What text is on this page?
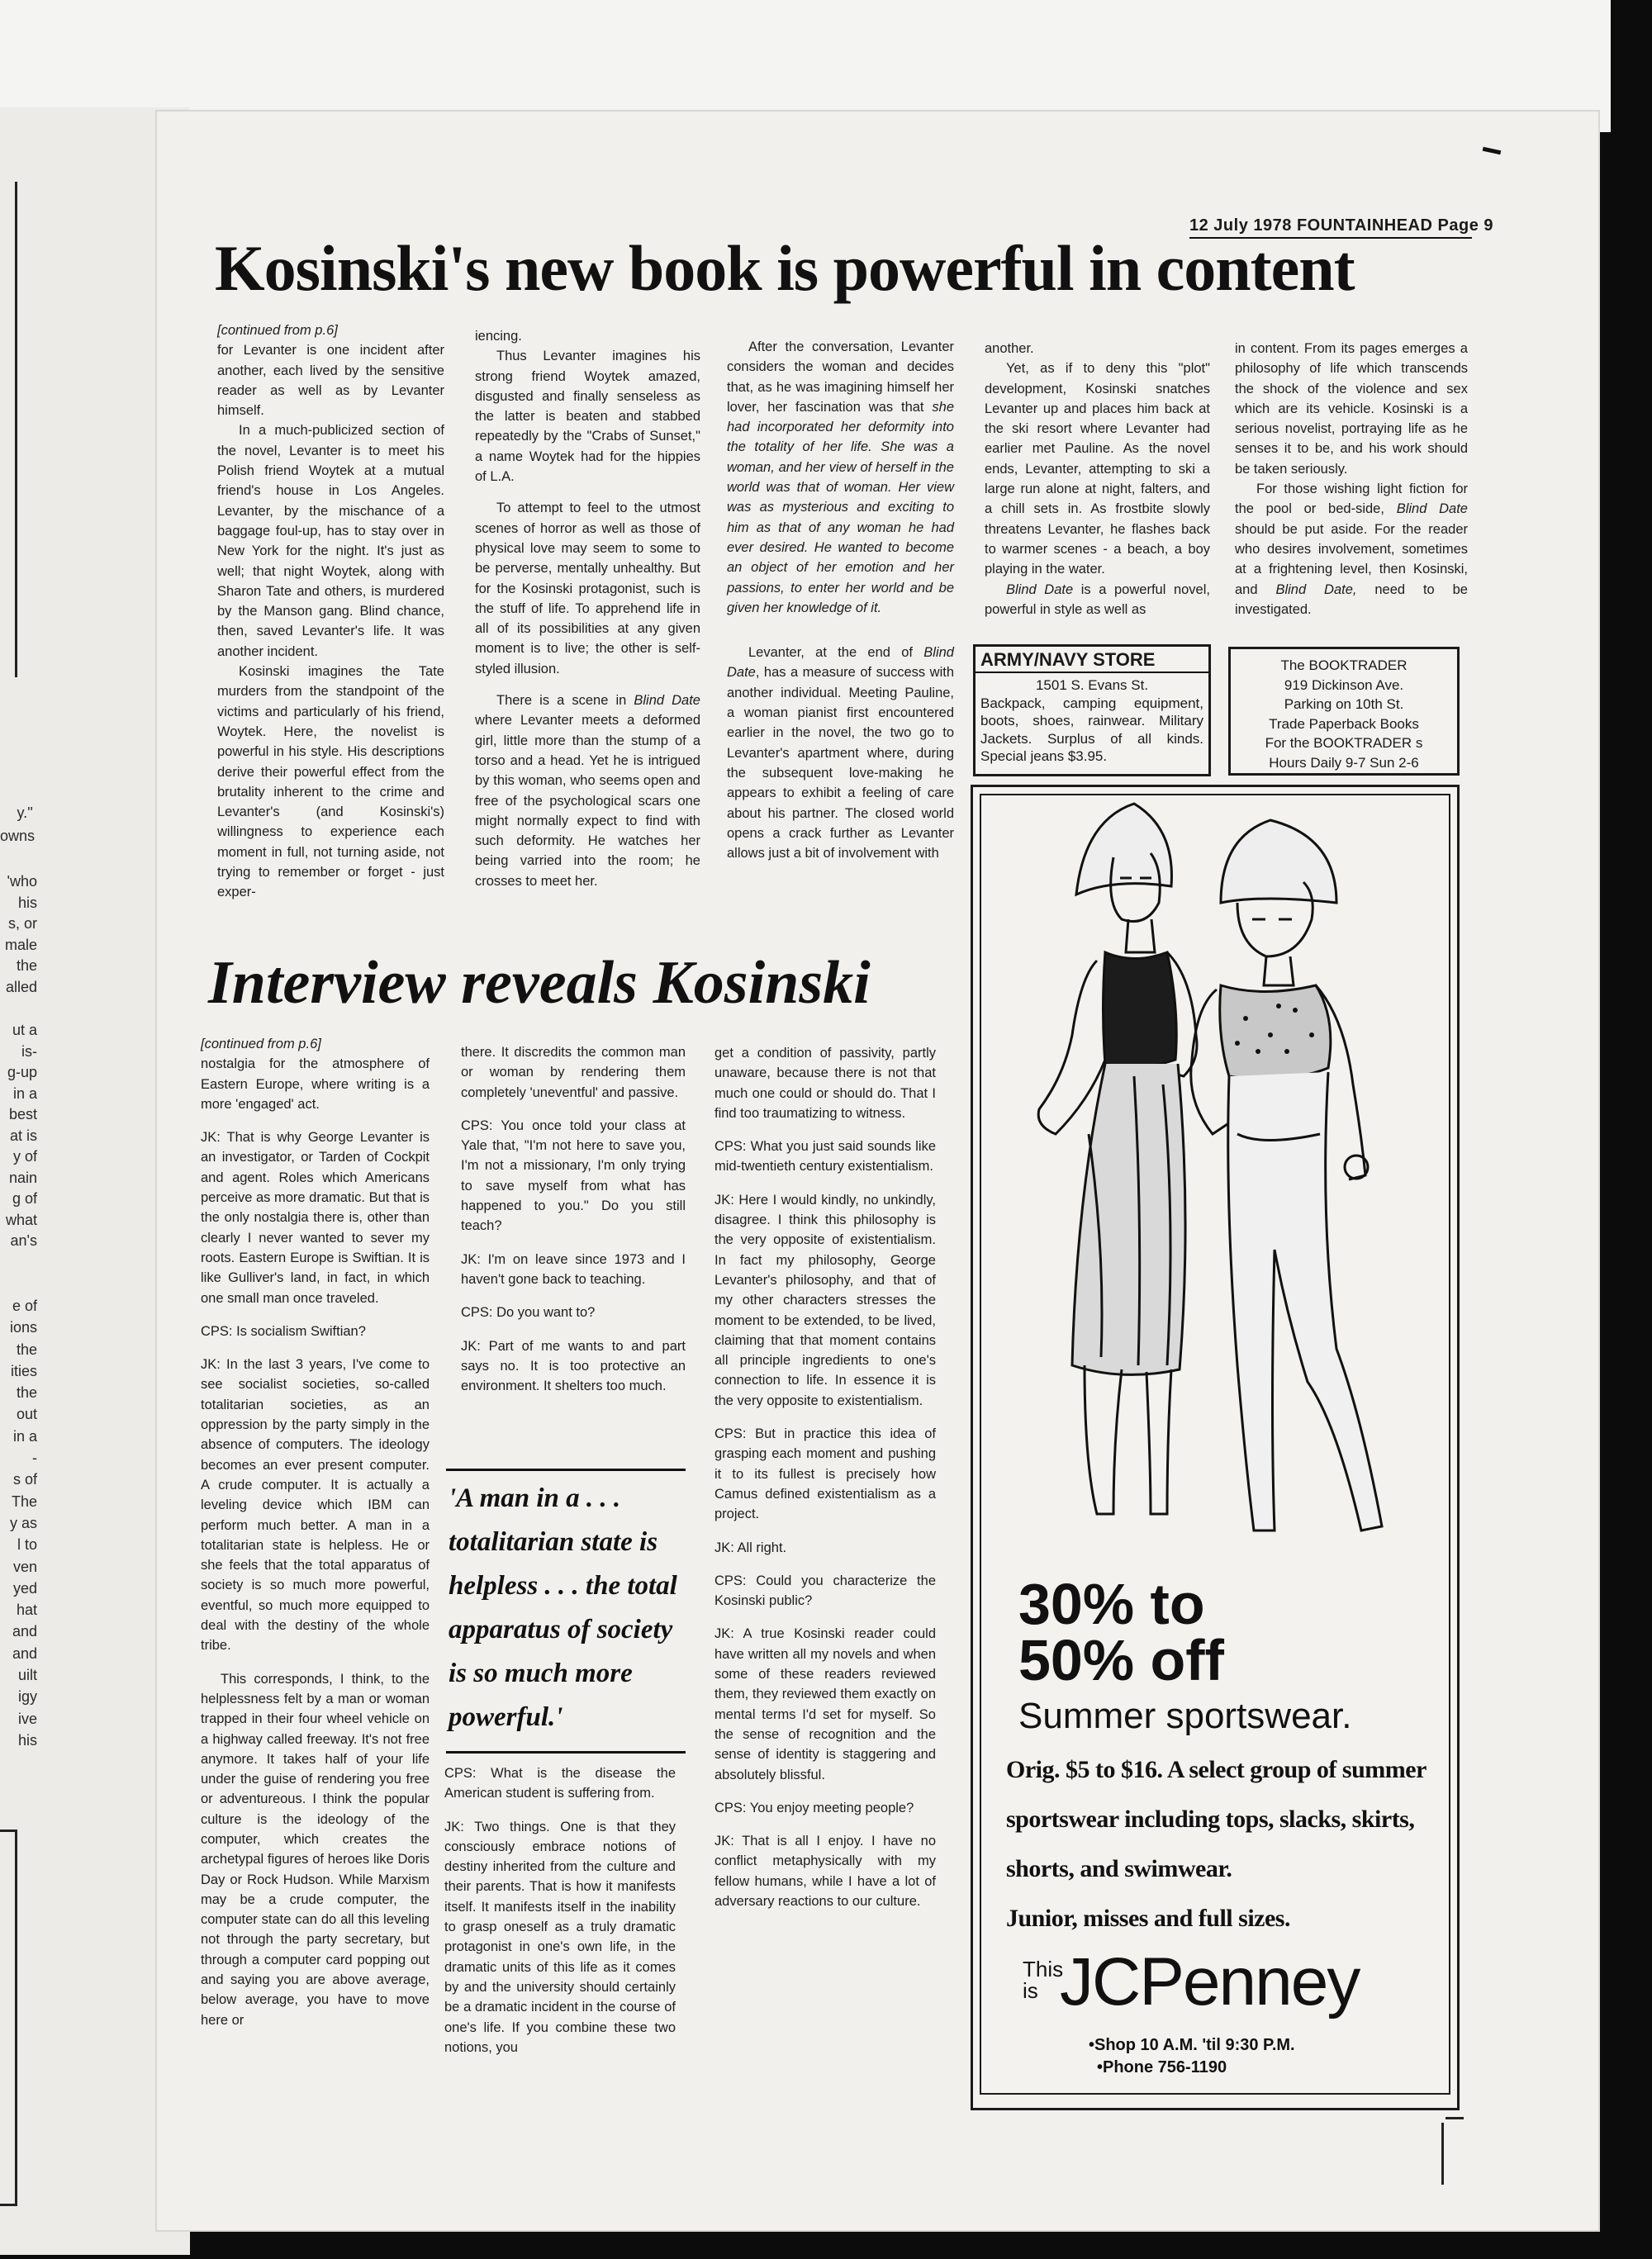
y.''
owns
'who
his
s, or
male
the
alled
ut a
is-
g-up
in a
best
at is
y of
nain
g of
what
an's
e of
ions
the
ities
the
out
in a
-
s of
The
y as
l to
ven
yed
hat
and
and
uilt
igy
ive
his
12 July 1978 FOUNTAINHEAD Page 9
Kosinski's new book is powerful in content

[continued from p.6]

for Levanter is one incident after another, each lived by the sensitive reader as well as by Levanter himself.

In a much-publicized section of the novel, Levanter is to meet his Polish friend Woytek at a mutual friend's house in Los Angeles. Levanter, by the mischance of a baggage foul-up, has to stay over in New York for the night. It's just as well; that night Woytek, along with Sharon Tate and others, is murdered by the Manson gang. Blind chance, then, saved Levanter's life. It was another incident.

Kosinski imagines the Tate murders from the standpoint of the victims and particularly of his friend, Woytek. Here, the novelist is powerful in his style. His descriptions derive their powerful effect from the brutality inherent to the crime and Levanter's (and Kosinski's) willingness to experience each moment in full, not turning aside, not trying to remember or forget - just exper-

iencing.

Thus Levanter imagines his strong friend Woytek amazed, disgusted and finally senseless as the latter is beaten and stabbed repeatedly by the "Crabs of Sunset," a name Woytek had for the hippies of L.A.

To attempt to feel to the utmost scenes of horror as well as those of physical love may seem to some to be perverse, mentally unhealthy. But for the Kosinski protagonist, such is the stuff of life. To apprehend life in all of its possibilities at any given moment is to live; the other is self-styled illusion.

There is a scene in Blind Date where Levanter meets a deformed girl, little more than the stump of a torso and a head. Yet he is intrigued by this woman, who seems open and free of the psychological scars one might normally expect to find with such deformity. He watches her being varried into the room; he crosses to meet her.

After the conversation, Levanter considers the woman and decides that, as he was imagining himself her lover, her fascination was that she had incorporated her deformity into the totality of her life. She was a woman, and her view of herself in the world was that of woman. Her view was as mysterious and exciting to him as that of any woman he had ever desired. He wanted to become an object of her emotion and her passions, to enter her world and be given her knowledge of it.

Levanter, at the end of Blind Date, has a measure of success with another individual. Meeting Pauline, a woman pianist first encountered earlier in the novel, the two go to Levanter's apartment where, during the subsequent love-making he appears to exhibit a feeling of care about his partner. The closed world opens a crack further as Levanter allows just a bit of involvement with

another.

Yet, as if to deny this "plot" development, Kosinski snatches Levanter up and places him back at the ski resort where Levanter had earlier met Pauline. As the novel ends, Levanter, attempting to ski a large run alone at night, falters, and a chill sets in. As frostbite slowly threatens Levanter, he flashes back to warmer scenes - a beach, a boy playing in the water.

Blind Date is a powerful novel, powerful in style as well as

in content. From its pages emerges a philosophy of life which transcends the shock of the violence and sex which are its vehicle. Kosinski is a serious novelist, portraying life as he senses it to be, and his work should be taken seriously.

For those wishing light fiction for the pool or bed-side, Blind Date should be put aside. For the reader who desires involvement, sometimes at a frightening level, then Kosinski, and Blind Date, need to be investigated.

ARMY/NAVY STORE
1501 S. Evans St.
Backpack, camping equipment, boots, shoes, rainwear. Military Jackets. Surplus of all kinds. Special jeans $3.95.
The BOOKTRADER
919 Dickinson Ave.
Parking on 10th St.
Trade Paperback Books
For the BOOKTRADER s
Hours Daily 9-7 Sun 2-6
30% to
50% off
Summer sportswear.
Orig. $5 to $16. A select group of summer sportswear including tops, slacks, skirts, shorts, and swimwear.
Junior, misses and full sizes.
This is JCPenney
•Shop 10 A.M. 'til 9:30 P.M.
•Phone 756-1190
Interview reveals Kosinski

[continued from p.6]

nostalgia for the atmosphere of Eastern Europe, where writing is a more 'engaged' act.

JK: That is why George Levanter is an investigator, or Tarden of Cockpit and agent. Roles which Americans perceive as more dramatic. But that is the only nostalgia there is, other than clearly I never wanted to sever my roots. Eastern Europe is Swiftian. It is like Gulliver's land, in fact, in which one small man once traveled.

CPS: Is socialism Swiftian?

JK: In the last 3 years, I've come to see socialist societies, so-called totalitarian societies, as an oppression by the party simply in the absence of computers. The ideology becomes an ever present computer. A crude computer. It is actually a leveling device which IBM can perform much better. A man in a totalitarian state is helpless. He or she feels that the total apparatus of society is so much more powerful, eventful, so much more equipped to deal with the destiny of the whole tribe.

This corresponds, I think, to the helplessness felt by a man or woman trapped in their four wheel vehicle on a highway called freeway. It's not free anymore. It takes half of your life under the guise of rendering you free or adventureous. I think the popular culture is the ideology of the computer, which creates the archetypal figures of heroes like Doris Day or Rock Hudson. While Marxism may be a crude computer, the computer state can do all this leveling not through the party secretary, but through a computer card popping out and saying you are above average, below average, you have to move here or

there. It discredits the common man or woman by rendering them completely 'uneventful' and passive.

CPS: You once told your class at Yale that, "I'm not here to save you, I'm not a missionary, I'm only trying to save myself from what has happened to you." Do you still teach?

JK: I'm on leave since 1973 and I haven't gone back to teaching.

CPS: Do you want to?

JK: Part of me wants to and part says no. It is too protective an environment. It shelters too much.

'A man in a . . . totalitarian state is helpless . . . the total apparatus of society is so much more powerful.'

CPS: What is the disease the American student is suffering from.

JK: Two things. One is that they consciously embrace notions of destiny inherited from the culture and their parents. That is how it manifests itself. It manifests itself in the inability to grasp oneself as a truly dramatic protagonist in one's own life, in the dramatic units of this life as it comes by and the university should certainly be a dramatic incident in the course of one's life. If you combine these two notions, you

get a condition of passivity, partly unaware, because there is not that much one could or should do. That I find too traumatizing to witness.

CPS: What you just said sounds like mid-twentieth century existentialism.

JK: Here I would kindly, no unkindly, disagree. I think this philosophy is the very opposite of existentialism. In fact my philosophy, George Levanter's philosophy, and that of my other characters stresses the moment to be extended, to be lived, claiming that that moment contains all principle ingredients to one's connection to life. In essence it is the very opposite to existentialism.

CPS: But in practice this idea of grasping each moment and pushing it to its fullest is precisely how Camus defined existentialism as a project.

JK: All right.

CPS: Could you characterize the Kosinski public?

JK: A true Kosinski reader could have written all my novels and when some of these readers reviewed them, they reviewed them exactly on mental terms I'd set for myself. So the sense of recognition and the sense of identity is staggering and absolutely blissful.

CPS: You enjoy meeting people?

JK: That is all I enjoy. I have no conflict metaphysically with my fellow humans, while I have a lot of adversary reactions to our culture.
